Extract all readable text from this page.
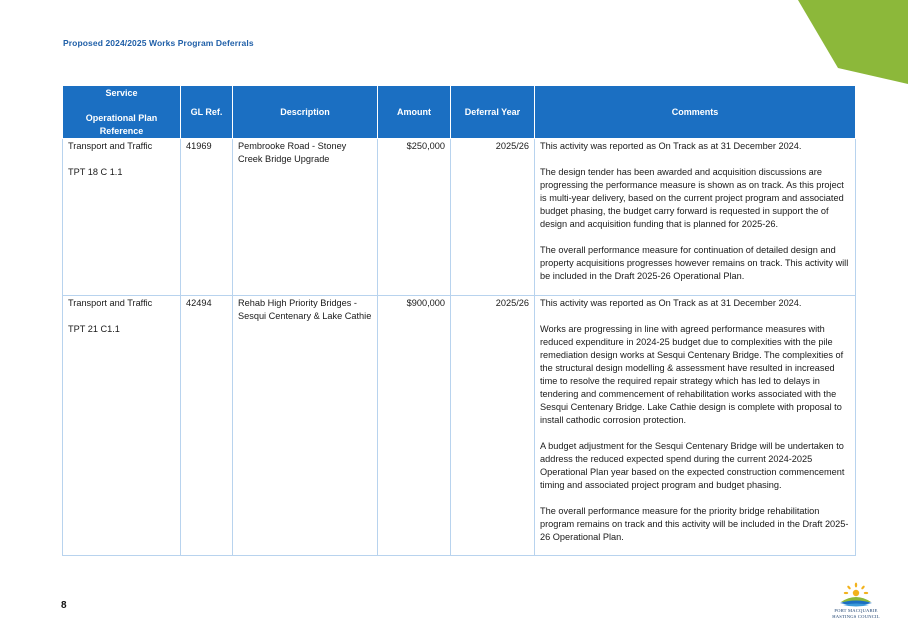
Proposed 2024/2025 Works Program Deferrals
Service
Operational Plan Reference	GL Ref.	Description	Amount	Deferral Year	Comments

Transport and Traffic
TPT 18 C 1.1	41969	Pembrooke Road - Stoney Creek Bridge Upgrade	$250,000	2025/26	This activity was reported as On Track as at 31 December 2024.
The design tender has been awarded and acquisition discussions are progressing the performance measure is shown as on track. As this project is multi-year delivery, based on the current project program and associated budget phasing, the budget carry forward is requested in support the of design and acquisition funding that is planned for 2025-26.
The overall performance measure for continuation of detailed design and property acquisitions progresses however remains on track. This activity will be included in the Draft 2025-26 Operational Plan.

Transport and Traffic
TPT 21 C1.1	42494	Rehab High Priority Bridges - Sesqui Centenary & Lake Cathie	$900,000	2025/26	This activity was reported as On Track as at 31 December 2024.
Works are progressing in line with agreed performance measures with reduced expenditure in 2024-25 budget due to complexities with the pile remediation design works at Sesqui Centenary Bridge. The complexities of the structural design modelling & assessment have resulted in increased time to resolve the required repair strategy which has led to delays in tendering and commencement of rehabilitation works associated with the Sesqui Centenary Bridge. Lake Cathie design is complete with proposal to install cathodic corrosion protection.
A budget adjustment for the Sesqui Centenary Bridge will be undertaken to address the reduced expected spend during the current 2024-2025 Operational Plan year based on the expected construction commencement timing and associated project program and budget phasing.
The overall performance measure for the priority bridge rehabilitation program remains on track and this activity will be included in the Draft 2025-26 Operational Plan.
8	PORT MACQUARIE
HASTINGS COUNCIL
